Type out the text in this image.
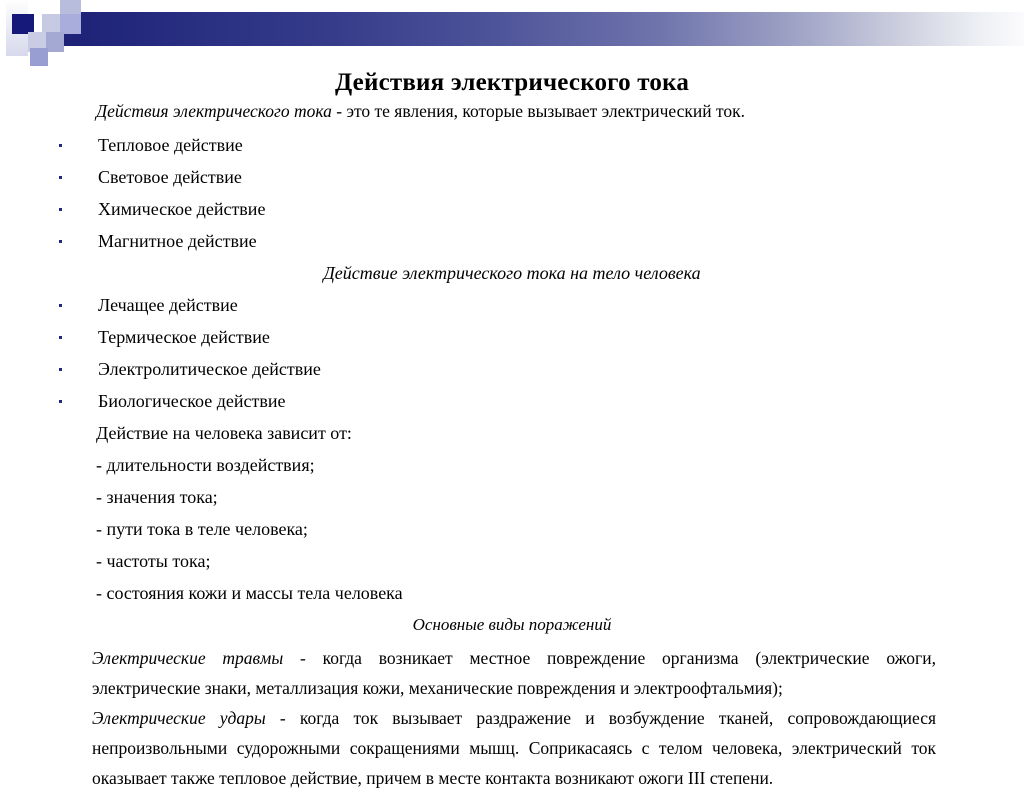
Действия электрического тока

Действия электрического тока - это те явления, которые вызывает электрический ток.

Тепловое действие
Световое действие
Химическое действие
Магнитное действие

Действие электрического тока на тело человека

Лечащее действие
Термическое действие
Электролитическое действие
Биологическое действие

Действие на человека зависит от:

- длительности воздействия;

- значения тока;

- пути тока в теле человека;

- частоты тока;

- состояния кожи и массы тела человека

Основные виды поражений

Электрические травмы - когда возникает местное повреждение организма (электрические ожоги, электрические знаки, металлизация кожи, механические повреждения и электроофтальмия);

Электрические удары - когда ток вызывает раздражение и возбуждение тканей, сопровождающиеся непроизвольными судорожными сокращениями мышц. Соприкасаясь с телом человека, электрический ток оказывает также тепловое действие, причем в месте контакта возникают ожоги III степени.
